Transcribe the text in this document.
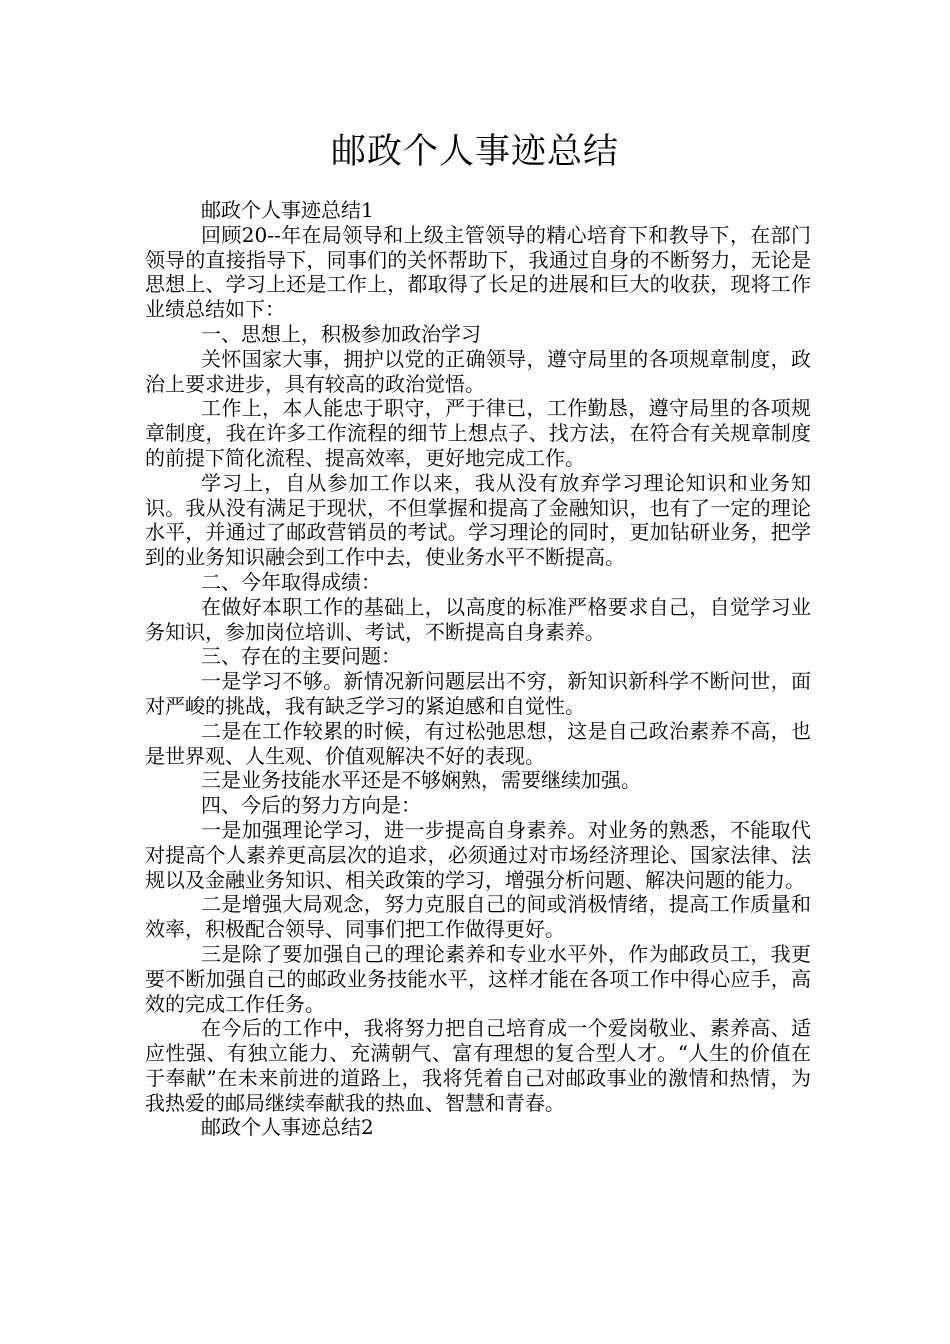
邮政个人事迹总结

邮政个人事迹总结1

回顾20--年在局领导和上级主管领导的精心培育下和教导下，在部门领导的直接指导下，同事们的关怀帮助下，我通过自身的不断努力，无论是思想上、学习上还是工作上，都取得了长足的进展和巨大的收获，现将工作业绩总结如下：

一、思想上，积极参加政治学习

关怀国家大事，拥护以党的正确领导，遵守局里的各项规章制度，政治上要求进步，具有较高的政治觉悟。

工作上，本人能忠于职守，严于律已，工作勤恳，遵守局里的各项规章制度，我在许多工作流程的细节上想点子、找方法，在符合有关规章制度的前提下简化流程、提高效率，更好地完成工作。

学习上，自从参加工作以来，我从没有放弃学习理论知识和业务知识。我从没有满足于现状，不但掌握和提高了金融知识，也有了一定的理论水平，并通过了邮政营销员的考试。学习理论的同时，更加钻研业务，把学到的业务知识融会到工作中去，使业务水平不断提高。

二、今年取得成绩：

在做好本职工作的基础上，以高度的标准严格要求自己，自觉学习业务知识，参加岗位培训、考试，不断提高自身素养。

三、存在的主要问题：

一是学习不够。新情况新问题层出不穷，新知识新科学不断问世，面对严峻的挑战，我有缺乏学习的紧迫感和自觉性。

二是在工作较累的时候，有过松弛思想，这是自己政治素养不高，也是世界观、人生观、价值观解决不好的表现。

三是业务技能水平还是不够娴熟，需要继续加强。

四、今后的努力方向是：

一是加强理论学习，进一步提高自身素养。对业务的熟悉，不能取代对提高个人素养更高层次的追求，必须通过对市场经济理论、国家法律、法规以及金融业务知识、相关政策的学习，增强分析问题、解决问题的能力。

二是增强大局观念，努力克服自己的间或消极情绪，提高工作质量和效率，积极配合领导、同事们把工作做得更好。

三是除了要加强自己的理论素养和专业水平外，作为邮政员工，我更要不断加强自己的邮政业务技能水平，这样才能在各项工作中得心应手，高效的完成工作任务。

在今后的工作中，我将努力把自己培育成一个爱岗敬业、素养高、适应性强、有独立能力、充满朝气、富有理想的复合型人才。“人生的价值在于奉献”在未来前进的道路上，我将凭着自己对邮政事业的激情和热情，为我热爱的邮局继续奉献我的热血、智慧和青春。

邮政个人事迹总结2
